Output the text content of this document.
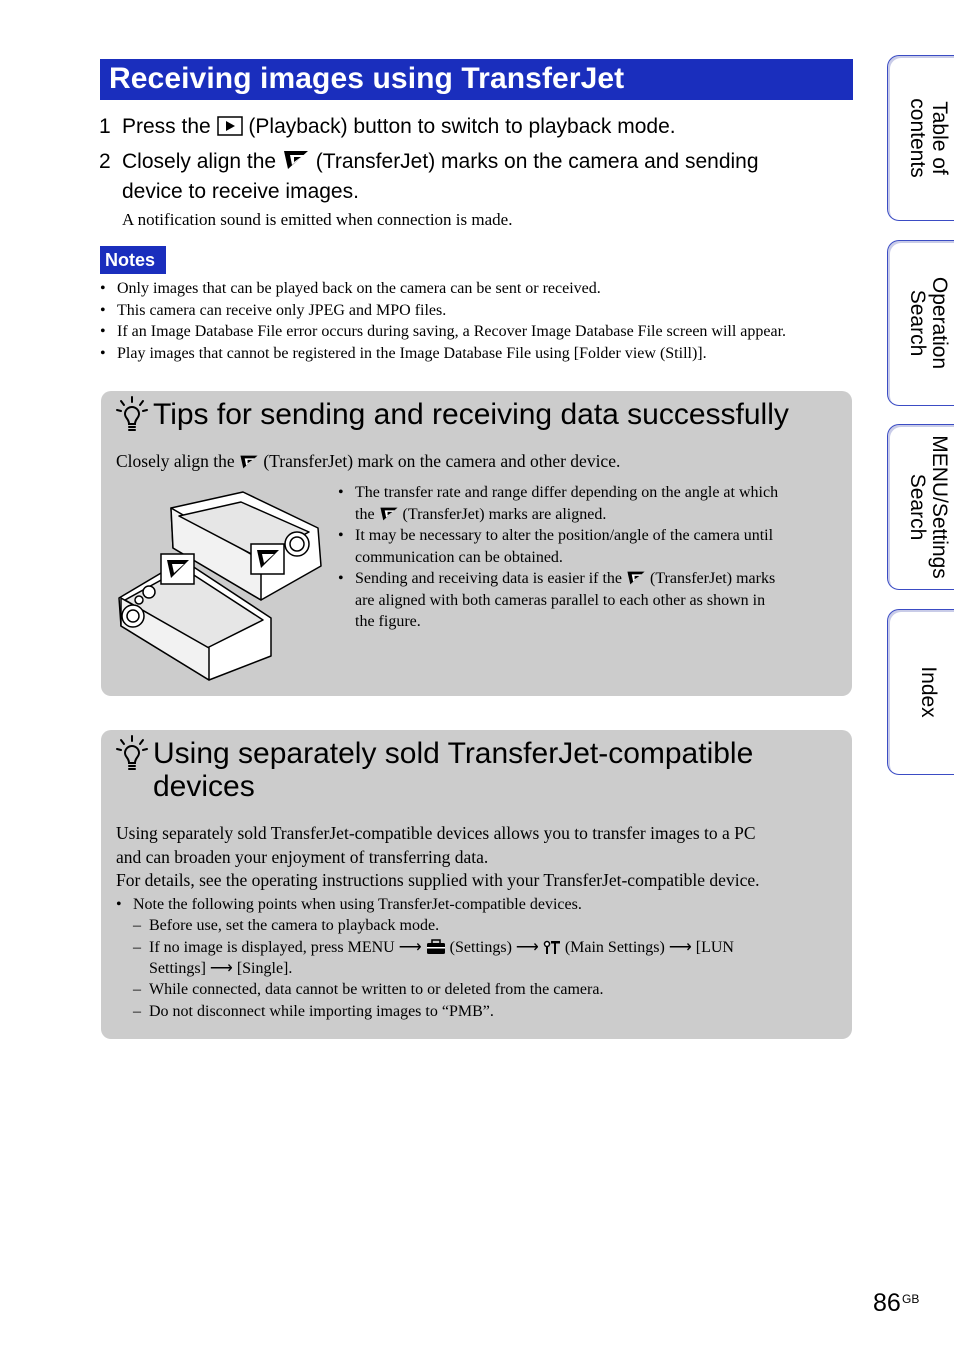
Receiving images using TransferJet
1 Press the (Playback) button to switch to playback mode.
2 Closely align the (TransferJet) marks on the camera and sending
device to receive images.
A notification sound is emitted when connection is made.
Notes
• Only images that can be played back on the camera can be sent or received.
• This camera can receive only JPEG and MPO files.
• If an Image Database File error occurs during saving, a Recover Image Database File screen will appear.
• Play images that cannot be registered in the Image Database File using [Folder view (Still)].
Tips for sending and receiving data successfully
Closely align the (TransferJet) mark on the camera and other device.
• The transfer rate and range differ depending on the angle at which
the (TransferJet) marks are aligned.
• It may be necessary to alter the position/angle of the camera until
communication can be obtained.
• Sending and receiving data is easier if the (TransferJet) marks
are aligned with both cameras parallel to each other as shown in
the figure.
Using separately sold TransferJet-compatible
devices
Using separately sold TransferJet-compatible devices allows you to transfer images to a PC
and can broaden your enjoyment of transferring data.
For details, see the operating instructions supplied with your TransferJet-compatible device.
• Note the following points when using TransferJet-compatible devices.
–  Before use, set the camera to playback mode.
–  If no image is displayed, press MENU ⟶ (Settings) ⟶ (Main Settings) ⟶ [LUN
Settings] ⟶ [Single].
–  While connected, data cannot be written to or deleted from the camera.
–  Do not disconnect while importing images to “PMB”.
Table of
contents
Operation
Search
MENU/Settings
Search
Index
86 GB
